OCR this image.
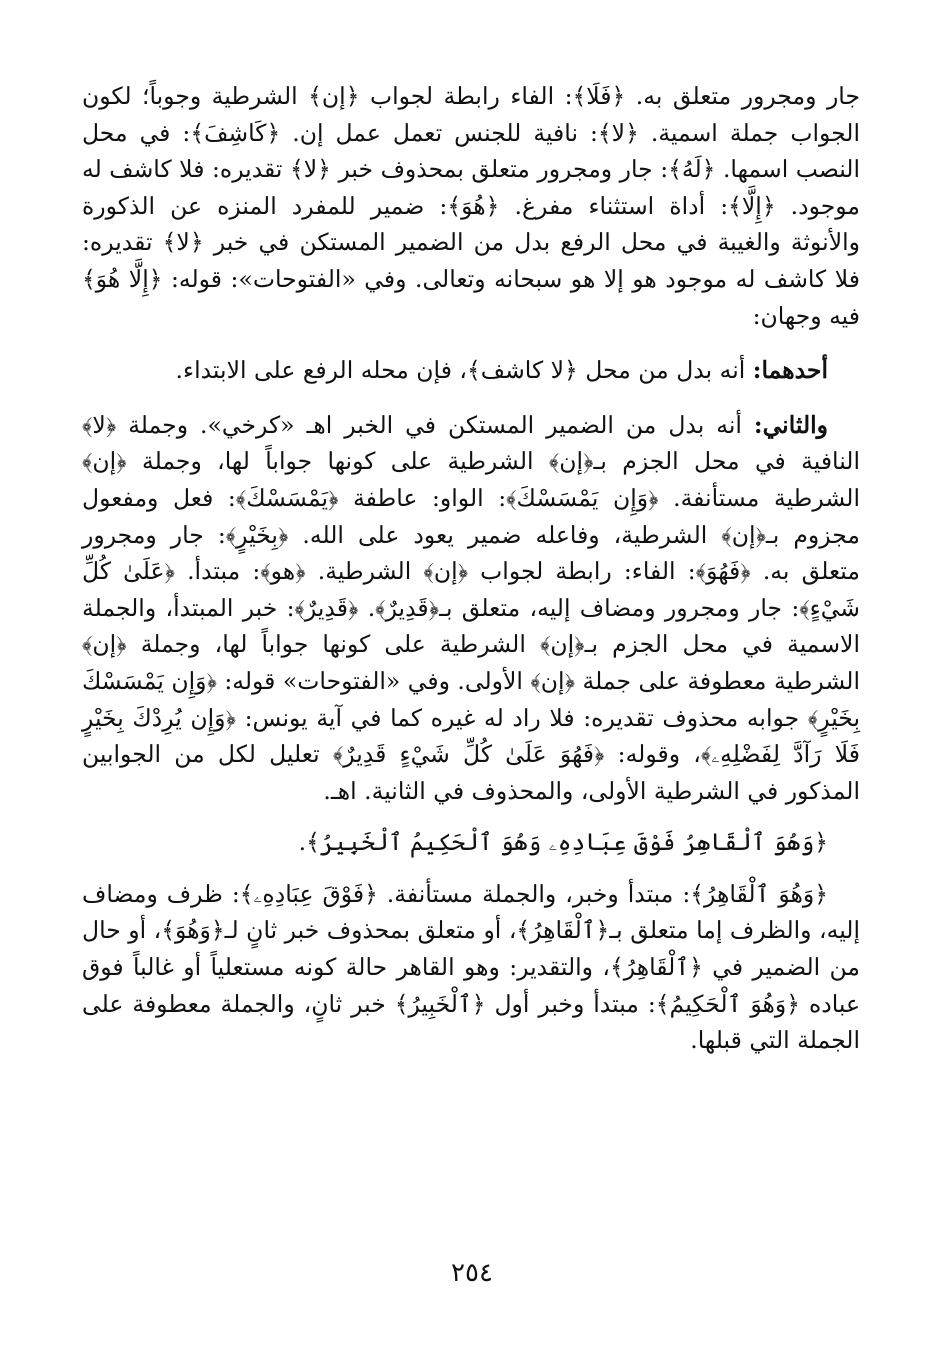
جار ومجرور متعلق به. ﴿فَلَا﴾: الفاء رابطة لجواب ﴿إن﴾ الشرطية وجوباً؛ لكون الجواب جملة اسمية. ﴿لا﴾: نافية للجنس تعمل عمل إن. ﴿كَاشِفَ﴾: في محل النصب اسمها. ﴿لَهُ﴾: جار ومجرور متعلق بمحذوف خبر ﴿لا﴾ تقديره: فلا كاشف له موجود. ﴿إِلَّا﴾: أداة استثناء مفرغ. ﴿هُوَ﴾: ضمير للمفرد المنزه عن الذكورة والأنوثة والغيبة في محل الرفع بدل من الضمير المستكن في خبر ﴿لا﴾ تقديره: فلا كاشف له موجود هو إلا هو سبحانه وتعالى. وفي «الفتوحات»: قوله: ﴿إِلَّا هُوَ﴾ فيه وجهان:

أحدهما: أنه بدل من محل ﴿لا كاشف﴾، فإن محله الرفع على الابتداء.

والثاني: أنه بدل من الضمير المستكن في الخبر اهـ «كرخي». وجملة ﴿لا﴾ النافية في محل الجزم بـ﴿إن﴾ الشرطية على كونها جواباً لها، وجملة ﴿إن﴾ الشرطية مستأنفة. ﴿وَإِن يَمْسَسْكَ﴾: الواو: عاطفة ﴿يَمْسَسْكَ﴾: فعل ومفعول مجزوم بـ﴿إن﴾ الشرطية، وفاعله ضمير يعود على الله. ﴿بِخَيْرٍ﴾: جار ومجرور متعلق به. ﴿فَهُوَ﴾: الفاء: رابطة لجواب ﴿إن﴾ الشرطية. ﴿هو﴾: مبتدأ. ﴿عَلَىٰ كُلِّ شَيْءٍ﴾: جار ومجرور ومضاف إليه، متعلق بـ﴿قَدِيرٌ﴾. ﴿قَدِيرٌ﴾: خبر المبتدأ، والجملة الاسمية في محل الجزم بـ﴿إن﴾ الشرطية على كونها جواباً لها، وجملة ﴿إن﴾ الشرطية معطوفة على جملة ﴿إن﴾ الأولى. وفي «الفتوحات» قوله: ﴿وَإِن يَمْسَسْكَ بِخَيْرٍ﴾ جوابه محذوف تقديره: فلا راد له غيره كما في آية يونس: ﴿وَإِن يُرِدْكَ بِخَيْرٍ فَلَا رَآدَّ لِفَضْلِهِۦ﴾، وقوله: ﴿فَهُوَ عَلَىٰ كُلِّ شَيْءٍ قَدِيرٌ﴾ تعليل لكل من الجوابين المذكور في الشرطية الأولى، والمحذوف في الثانية. اهـ.

﴿وَهُوَ ٱلْقَاهِرُ فَوْقَ عِبَادِهِۦ وَهُوَ ٱلْحَكِيمُ ٱلْخَبِيرُ﴾.

﴿وَهُوَ ٱلْقَاهِرُ﴾: مبتدأ وخبر، والجملة مستأنفة. ﴿فَوْقَ عِبَادِهِۦ﴾: ظرف ومضاف إليه، والظرف إما متعلق بـ﴿ٱلْقَاهِرُ﴾، أو متعلق بمحذوف خبر ثانٍ لـ﴿وَهُوَ﴾، أو حال من الضمير في ﴿ٱلْقَاهِرُ﴾، والتقدير: وهو القاهر حالة كونه مستعلياً أو غالباً فوق عباده ﴿وَهُوَ ٱلْحَكِيمُ﴾: مبتدأ وخبر أول ﴿ٱلْخَبِيرُ﴾ خبر ثانٍ، والجملة معطوفة على الجملة التي قبلها.

٢٥٤
